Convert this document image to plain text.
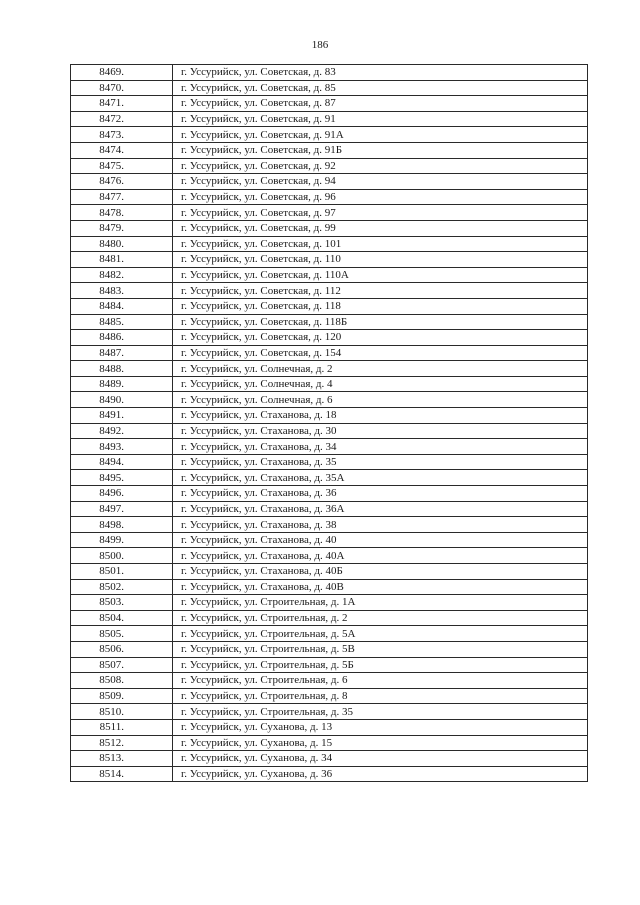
186
8469.	г. Уссурийск, ул. Советская, д. 83
8470.	г. Уссурийск, ул. Советская, д. 85
8471.	г. Уссурийск, ул. Советская, д. 87
8472.	г. Уссурийск, ул. Советская, д. 91
8473.	г. Уссурийск, ул. Советская, д. 91А
8474.	г. Уссурийск, ул. Советская, д. 91Б
8475.	г. Уссурийск, ул. Советская, д. 92
8476.	г. Уссурийск, ул. Советская, д. 94
8477.	г. Уссурийск, ул. Советская, д. 96
8478.	г. Уссурийск, ул. Советская, д. 97
8479.	г. Уссурийск, ул. Советская, д. 99
8480.	г. Уссурийск, ул. Советская, д. 101
8481.	г. Уссурийск, ул. Советская, д. 110
8482.	г. Уссурийск, ул. Советская, д. 110А
8483.	г. Уссурийск, ул. Советская, д. 112
8484.	г. Уссурийск, ул. Советская, д. 118
8485.	г. Уссурийск, ул. Советская, д. 118Б
8486.	г. Уссурийск, ул. Советская, д. 120
8487.	г. Уссурийск, ул. Советская, д. 154
8488.	г. Уссурийск, ул. Солнечная, д. 2
8489.	г. Уссурийск, ул. Солнечная, д. 4
8490.	г. Уссурийск, ул. Солнечная, д. 6
8491.	г. Уссурийск, ул. Стаханова, д. 18
8492.	г. Уссурийск, ул. Стаханова, д. 30
8493.	г. Уссурийск, ул. Стаханова, д. 34
8494.	г. Уссурийск, ул. Стаханова, д. 35
8495.	г. Уссурийск, ул. Стаханова, д. 35А
8496.	г. Уссурийск, ул. Стаханова, д. 36
8497.	г. Уссурийск, ул. Стаханова, д. 36А
8498.	г. Уссурийск, ул. Стаханова, д. 38
8499.	г. Уссурийск, ул. Стаханова, д. 40
8500.	г. Уссурийск, ул. Стаханова, д. 40А
8501.	г. Уссурийск, ул. Стаханова, д. 40Б
8502.	г. Уссурийск, ул. Стаханова, д. 40В
8503.	г. Уссурийск, ул. Строительная, д. 1А
8504.	г. Уссурийск, ул. Строительная, д. 2
8505.	г. Уссурийск, ул. Строительная, д. 5А
8506.	г. Уссурийск, ул. Строительная, д. 5В
8507.	г. Уссурийск, ул. Строительная, д. 5Б
8508.	г. Уссурийск, ул. Строительная, д. 6
8509.	г. Уссурийск, ул. Строительная, д. 8
8510.	г. Уссурийск, ул. Строительная, д. 35
8511.	г. Уссурийск, ул. Суханова, д. 13
8512.	г. Уссурийск, ул. Суханова, д. 15
8513.	г. Уссурийск, ул. Суханова, д. 34
8514.	г. Уссурийск, ул. Суханова, д. 36
